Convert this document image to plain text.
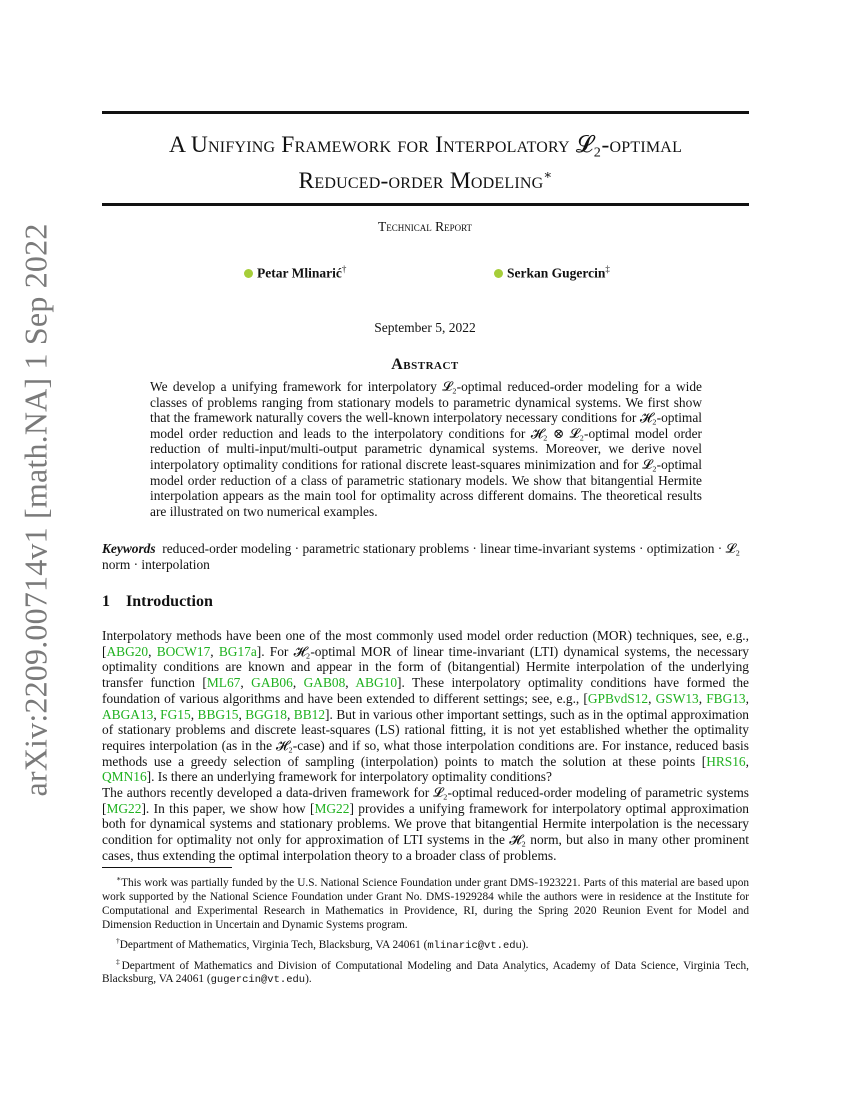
arXiv:2209.00714v1 [math.NA] 1 Sep 2022
A Unifying Framework for Interpolatory 𝓛₂-optimal
Reduced-order Modeling∗
Technical Report
Petar Mlinarić†	Serkan Gugercin‡
September 5, 2022
Abstract
We develop a unifying framework for interpolatory 𝓛₂-optimal reduced-order modeling for a wide classes of problems ranging from stationary models to parametric dynamical systems. We first show that the framework naturally covers the well-known interpolatory necessary conditions for 𝓗₂-optimal model order reduction and leads to the interpolatory conditions for 𝓗₂ ⊗ 𝓛₂-optimal model order reduction of multi-input/multi-output parametric dynamical systems. Moreover, we derive novel interpolatory optimality conditions for rational discrete least-squares minimization and for 𝓛₂-optimal model order reduction of a class of parametric stationary models. We show that bitangential Hermite interpolation appears as the main tool for optimality across different domains. The theoretical results are illustrated on two numerical examples.
Keywords reduced-order modeling · parametric stationary problems · linear time-invariant systems · optimization · 𝓛₂ norm · interpolation
1 Introduction

Interpolatory methods have been one of the most commonly used model order reduction (MOR) techniques, see, e.g., [ABG20, BOCW17, BG17a]. For 𝓗₂-optimal MOR of linear time-invariant (LTI) dynamical systems, the necessary optimality conditions are known and appear in the form of (bitangential) Hermite interpolation of the underlying transfer function [ML67, GAB06, GAB08, ABG10]. These interpolatory optimality conditions have formed the foundation of various algorithms and have been extended to different settings; see, e.g., [GPBvdS12, GSW13, FBG13, ABGA13, FG15, BBG15, BGG18, BB12]. But in various other important settings, such as in the optimal approximation of stationary problems and discrete least-squares (LS) rational fitting, it is not yet established whether the optimality requires interpolation (as in the 𝓗₂-case) and if so, what those interpolation conditions are. For instance, reduced basis methods use a greedy selection of sampling (interpolation) points to match the solution at these points [HRS16, QMN16]. Is there an underlying framework for interpolatory optimality conditions?

The authors recently developed a data-driven framework for 𝓛₂-optimal reduced-order modeling of parametric systems [MG22]. In this paper, we show how [MG22] provides a unifying framework for interpolatory optimal approximation both for dynamical systems and stationary problems. We prove that bitangential Hermite interpolation is the necessary condition for optimality not only for approximation of LTI systems in the 𝓗₂ norm, but also in many other prominent cases, thus extending the optimal interpolation theory to a broader class of problems.

∗This work was partially funded by the U.S. National Science Foundation under grant DMS-1923221. Parts of this material are based upon work supported by the National Science Foundation under Grant No. DMS-1929284 while the authors were in residence at the Institute for Computational and Experimental Research in Mathematics in Providence, RI, during the Spring 2020 Reunion Event for Model and Dimension Reduction in Uncertain and Dynamic Systems program.

†Department of Mathematics, Virginia Tech, Blacksburg, VA 24061 (mlinaric@vt.edu).

‡Department of Mathematics and Division of Computational Modeling and Data Analytics, Academy of Data Science, Virginia Tech, Blacksburg, VA 24061 (gugercin@vt.edu).
